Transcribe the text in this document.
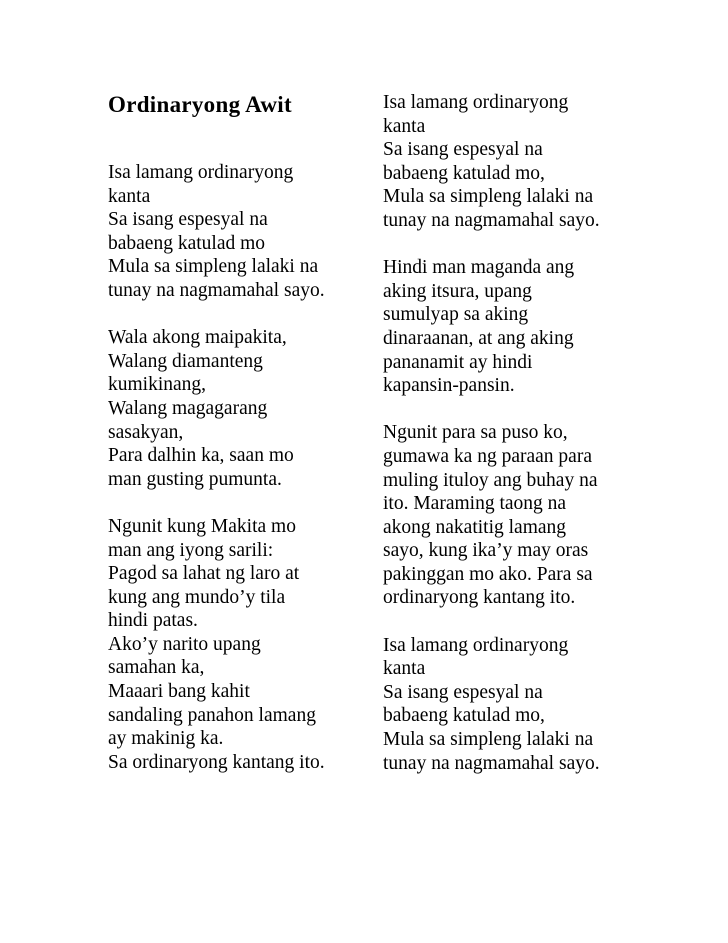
Ordinaryong Awit
Isa lamang ordinaryong
kanta
Sa isang espesyal na
babaeng katulad mo
Mula sa simpleng lalaki na
tunay na nagmamahal sayo.
Wala akong maipakita,
Walang diamanteng
kumikinang,
Walang magagarang
sasakyan,
Para dalhin ka, saan mo
man gusting pumunta.
Ngunit kung Makita mo
man ang iyong sarili:
Pagod sa lahat ng laro at
kung ang mundo’y tila
hindi patas.
Ako’y narito upang
samahan ka,
Maaari bang kahit
sandaling panahon lamang
ay makinig ka.
Sa ordinaryong kantang ito.
Isa lamang ordinaryong
kanta
Sa isang espesyal na
babaeng katulad mo,
Mula sa simpleng lalaki na
tunay na nagmamahal sayo.
Hindi man maganda ang
aking itsura, upang
sumulyap sa aking
dinaraanan, at ang aking
pananamit ay hindi
kapansin-pansin.
Ngunit para sa puso ko,
gumawa ka ng paraan para
muling ituloy ang buhay na
ito. Maraming taong na
akong nakatitig lamang
sayo, kung ika’y may oras
pakinggan mo ako. Para sa
ordinaryong kantang ito.
Isa lamang ordinaryong
kanta
Sa isang espesyal na
babaeng katulad mo,
Mula sa simpleng lalaki na
tunay na nagmamahal sayo.
